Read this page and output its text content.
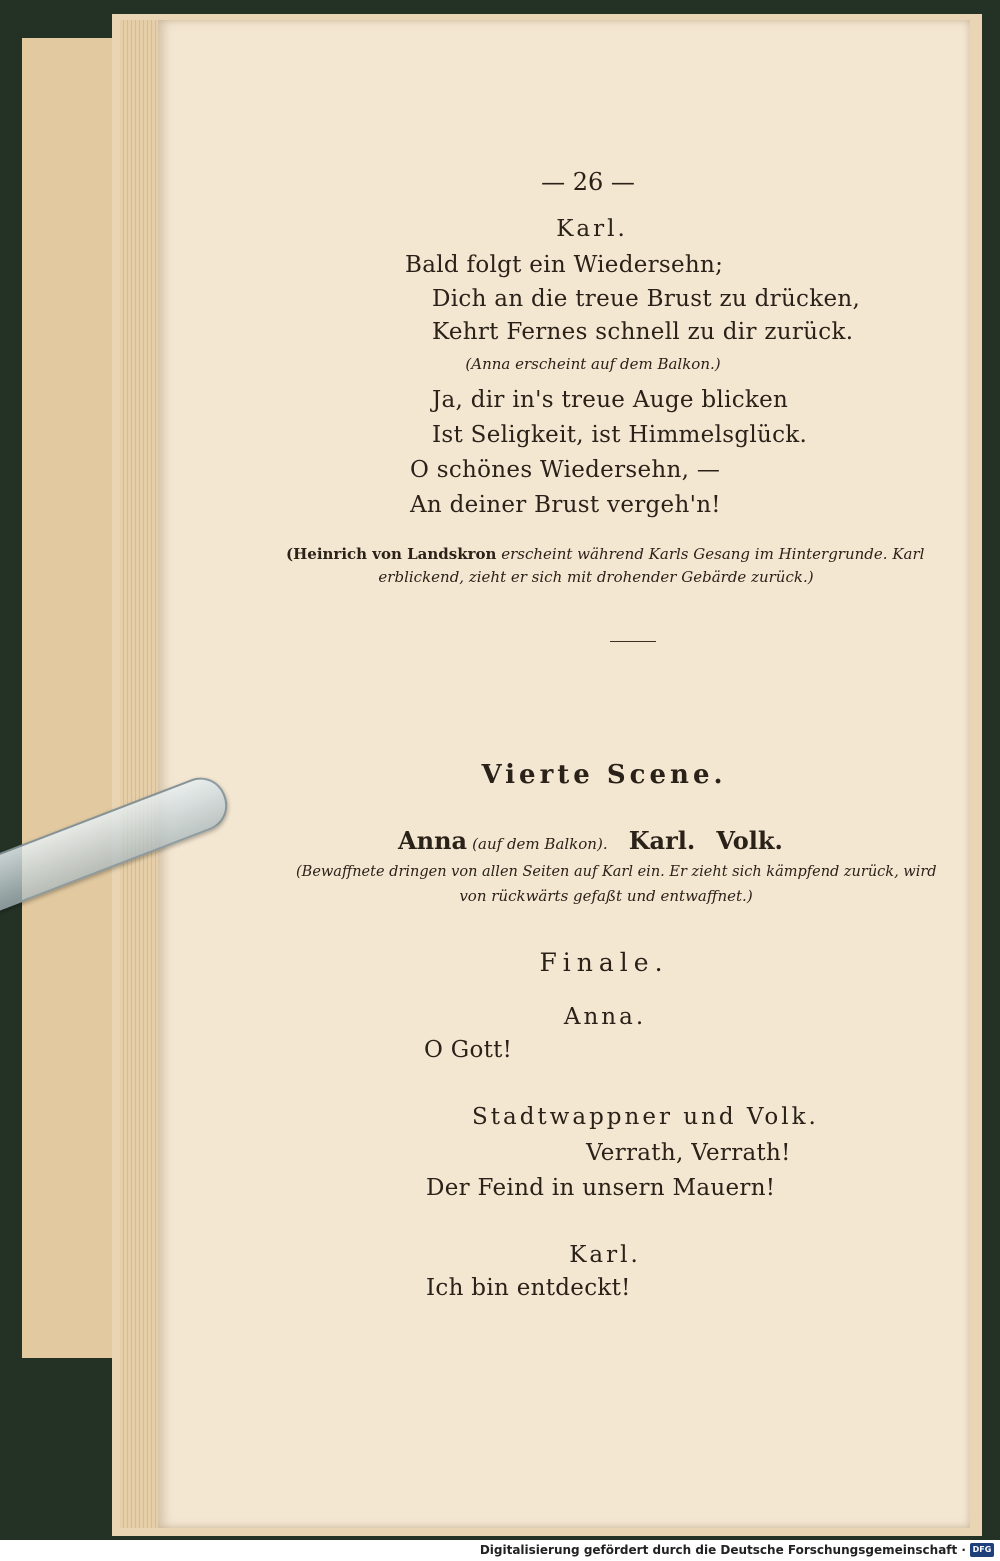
— 26 —
Karl.
Bald folgt ein Wiedersehn;
Dich an die treue Brust zu drücken,
Kehrt Fernes schnell zu dir zurück.
(Anna erscheint auf dem Balkon.)
Ja, dir in's treue Auge blicken
Ist Seligkeit, ist Himmelsglück.
O schönes Wiedersehn, —
An deiner Brust vergeh'n!
(Heinrich von Landskron erscheint während Karls Gesang im Hintergrunde. Karl
erblickend, zieht er sich mit drohender Gebärde zurück.)
Vierte Scene.
Anna (auf dem Balkon). Karl. Volk.
(Bewaffnete dringen von allen Seiten auf Karl ein. Er zieht sich kämpfend zurück, wird
von rückwärts gefaßt und entwaffnet.)
Finale.
Anna.
O Gott!
Stadtwappner und Volk.
Verrath, Verrath!
Der Feind in unsern Mauern!
Karl.
Ich bin entdeckt!
Digitalisierung gefördert durch die Deutsche Forschungsgemeinschaft · DFG
